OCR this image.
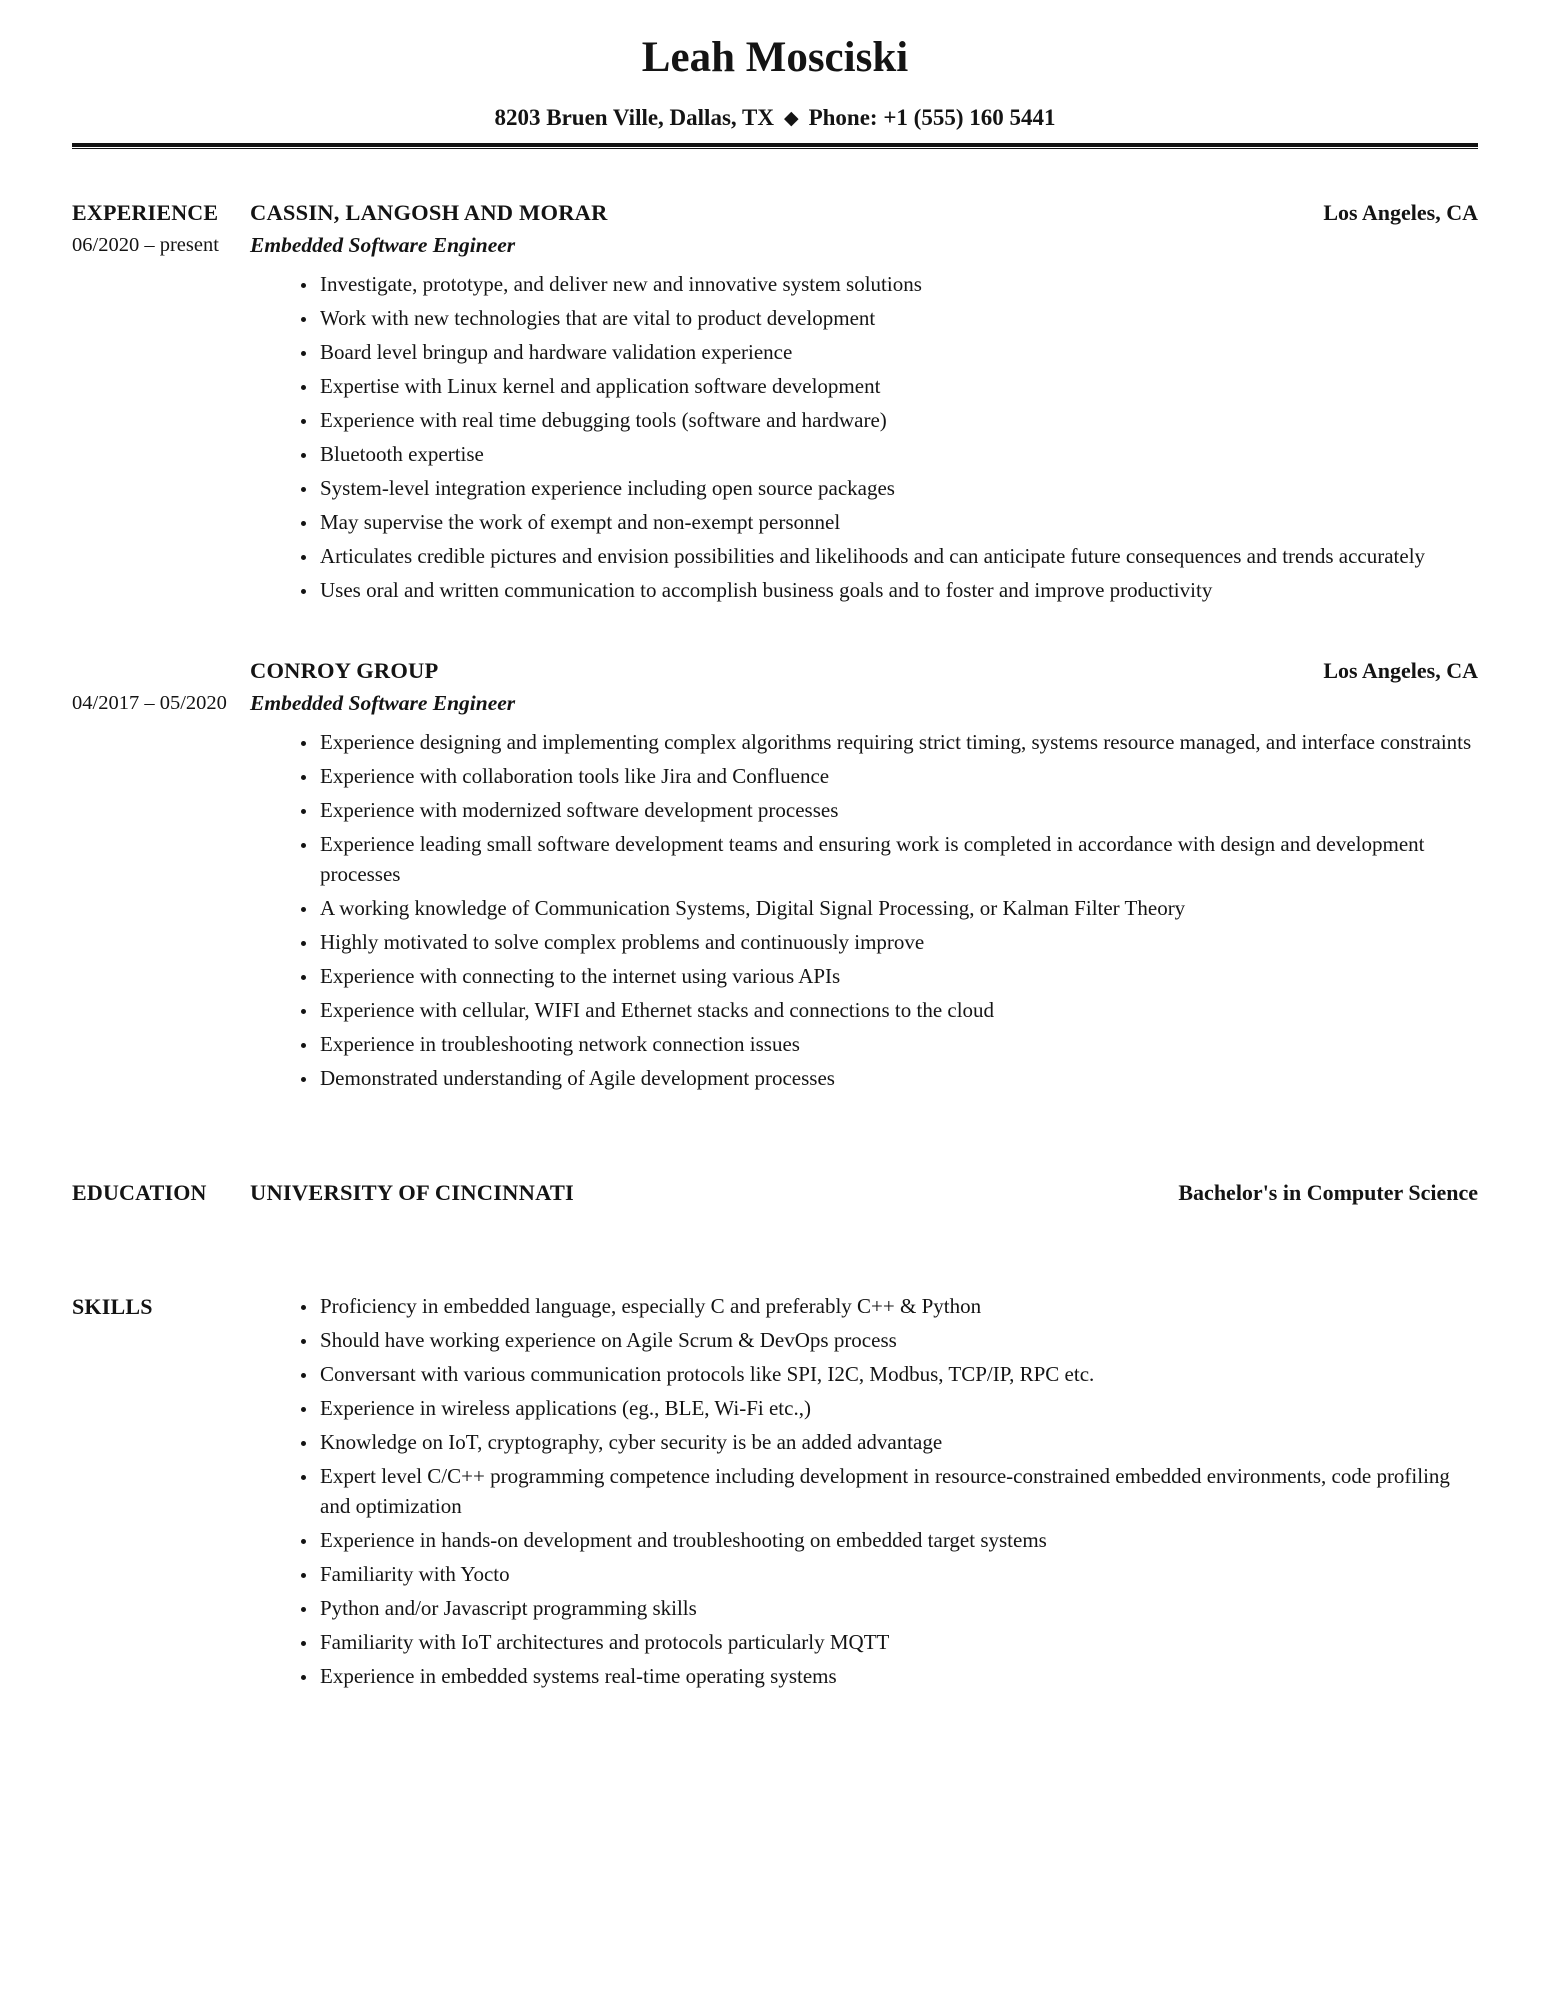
Leah Mosciski
8203 Bruen Ville, Dallas, TX ◆ Phone: +1 (555) 160 5441
EXPERIENCE
06/2020 – present
CASSIN, LANGOSH AND MORAR	Los Angeles, CA
Embedded Software Engineer
• Investigate, prototype, and deliver new and innovative system solutions
• Work with new technologies that are vital to product development
• Board level bringup and hardware validation experience
• Expertise with Linux kernel and application software development
• Experience with real time debugging tools (software and hardware)
• Bluetooth expertise
• System-level integration experience including open source packages
• May supervise the work of exempt and non-exempt personnel
• Articulates credible pictures and envision possibilities and likelihoods and can anticipate future consequences and trends accurately
• Uses oral and written communication to accomplish business goals and to foster and improve productivity
04/2017 – 05/2020
CONROY GROUP	Los Angeles, CA
Embedded Software Engineer
• Experience designing and implementing complex algorithms requiring strict timing, systems resource managed, and interface constraints
• Experience with collaboration tools like Jira and Confluence
• Experience with modernized software development processes
• Experience leading small software development teams and ensuring work is completed in accordance with design and development processes
• A working knowledge of Communication Systems, Digital Signal Processing, or Kalman Filter Theory
• Highly motivated to solve complex problems and continuously improve
• Experience with connecting to the internet using various APIs
• Experience with cellular, WIFI and Ethernet stacks and connections to the cloud
• Experience in troubleshooting network connection issues
• Demonstrated understanding of Agile development processes
EDUCATION	UNIVERSITY OF CINCINNATI	Bachelor's in Computer Science
SKILLS	• Proficiency in embedded language, especially C and preferably C++ & Python
• Should have working experience on Agile Scrum & DevOps process
• Conversant with various communication protocols like SPI, I2C, Modbus, TCP/IP, RPC etc.
• Experience in wireless applications (eg., BLE, Wi-Fi etc.,)
• Knowledge on IoT, cryptography, cyber security is be an added advantage
• Expert level C/C++ programming competence including development in resource-constrained embedded environments, code profiling and optimization
• Experience in hands-on development and troubleshooting on embedded target systems
• Familiarity with Yocto
• Python and/or Javascript programming skills
• Familiarity with IoT architectures and protocols particularly MQTT
• Experience in embedded systems real-time operating systems
